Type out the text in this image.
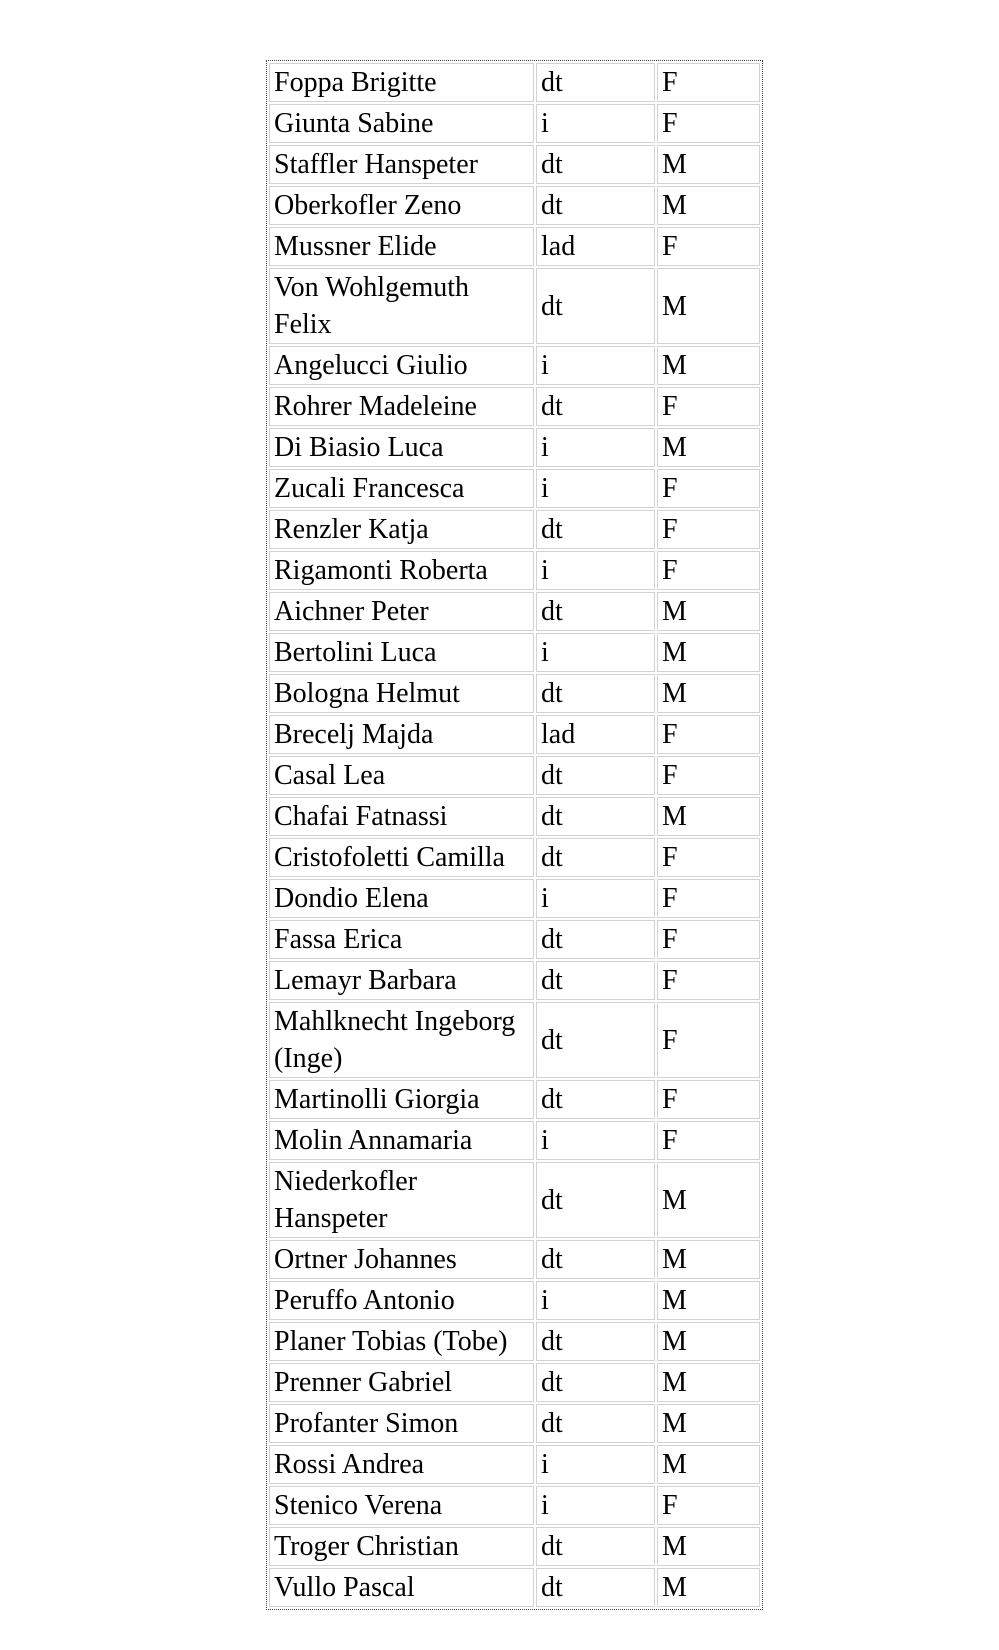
Foppa Brigitte	dt	F
Giunta Sabine	i	F
Staffler Hanspeter	dt	M
Oberkofler Zeno	dt	M
Mussner Elide	lad	F
Von Wohlgemuth Felix	dt	M
Angelucci Giulio	i	M
Rohrer Madeleine	dt	F
Di Biasio Luca	i	M
Zucali Francesca	i	F
Renzler Katja	dt	F
Rigamonti Roberta	i	F
Aichner Peter	dt	M
Bertolini Luca	i	M
Bologna Helmut	dt	M
Brecelj Majda	lad	F
Casal Lea	dt	F
Chafai Fatnassi	dt	M
Cristofoletti Camilla	dt	F
Dondio Elena	i	F
Fassa Erica	dt	F
Lemayr Barbara	dt	F
Mahlknecht Ingeborg (Inge)	dt	F
Martinolli Giorgia	dt	F
Molin Annamaria	i	F
Niederkofler Hanspeter	dt	M
Ortner Johannes	dt	M
Peruffo Antonio	i	M
Planer Tobias (Tobe)	dt	M
Prenner Gabriel	dt	M
Profanter Simon	dt	M
Rossi Andrea	i	M
Stenico Verena	i	F
Troger Christian	dt	M
Vullo Pascal	dt	M
